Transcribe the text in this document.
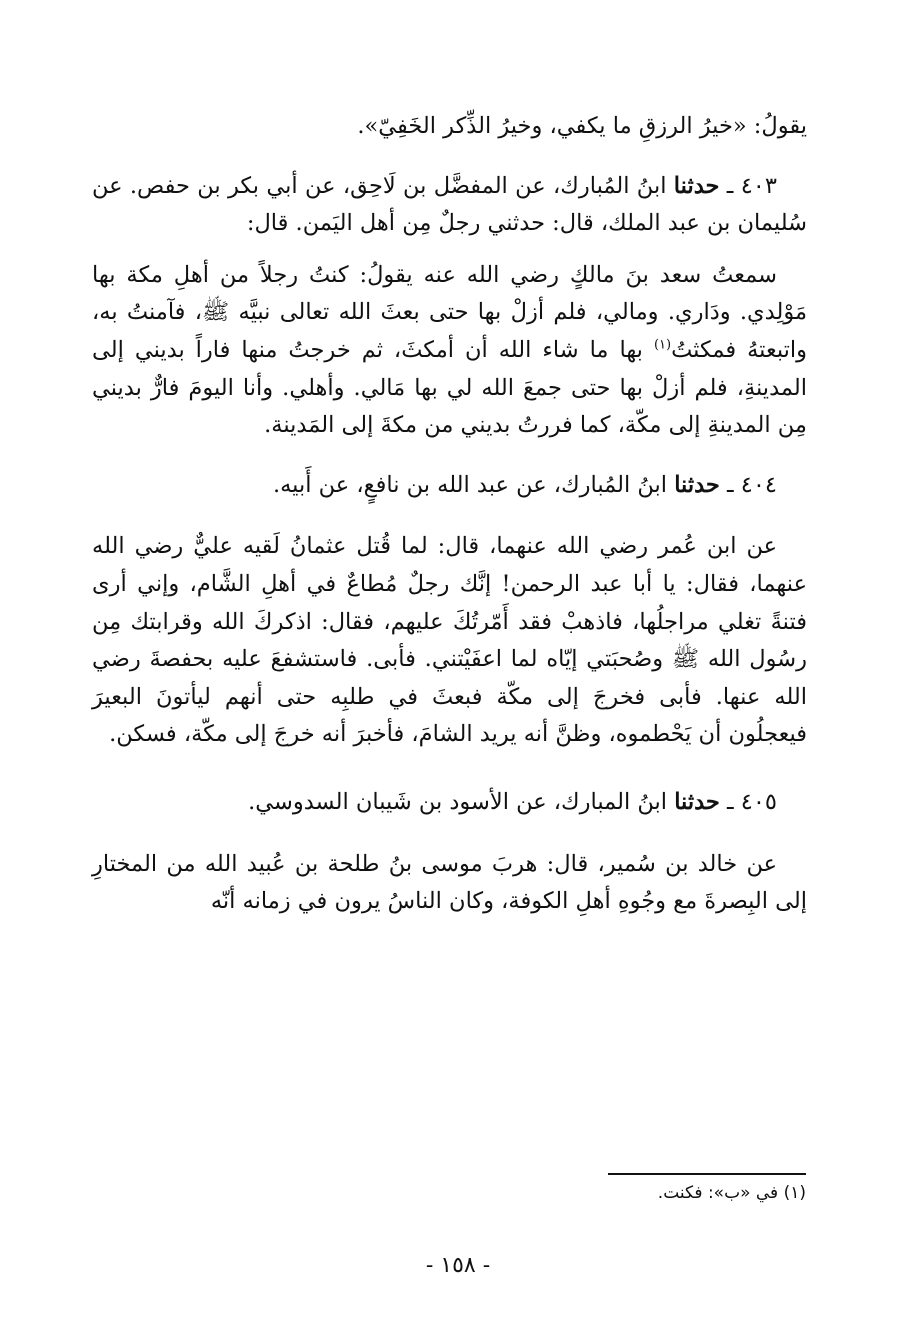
يقولُ: «خيرُ الرزقِ ما يكفي، وخيرُ الذِّكر الخَفِيّ».

٤٠٣ ـ حدثنا ابنُ المُبارك، عن المفضَّل بن لَاحِق، عن أبي بكر بن حفص. عن سُليمان بن عبد الملك، قال: حدثني رجلٌ مِن أهل اليَمن. قال:

سمعتُ سعد بنَ مالكٍ رضي الله عنه يقولُ: كنتُ رجلاً من أهلِ مكة بها مَوْلِدي. ودَاري. ومالي، فلم أزلْ بها حتى بعثَ الله تعالى نبيَّه ﷺ، فآمنتُ به، واتبعتهُ فمكثتُ$^{(١)}$ بها ما شاء الله أن أمكثَ، ثم خرجتُ منها فاراً بديني إلى المدينةِ، فلم أزلْ بها حتى جمعَ الله لي بها مَالي. وأهلي. وأنا اليومَ فارٌّ بديني مِن المدينةِ إلى مكّة، كما فررتُ بديني من مكةَ إلى المَدينة.

٤٠٤ ـ حدثنا ابنُ المُبارك، عن عبد الله بن نافعٍ، عن أَبيه.

عن ابن عُمر رضي الله عنهما، قال: لما قُتل عثمانُ لَقيه عليٌّ رضي الله عنهما، فقال: يا أبا عبد الرحمن! إنَّك رجلٌ مُطاعٌ في أهلِ الشَّام، وإني أرى فتنةً تغلي مراجلُها، فاذهبْ فقد أَمّرتُكَ عليهم، فقال: اذكركَ الله وقرابتك مِن رسُول الله ﷺ وصُحبَتي إيّاه لما اعفَيْتني. فأبى. فاستشفعَ عليه بحفصةَ رضي الله عنها. فأبى فخرجَ إلى مكّة فبعثَ في طلبِه حتى أنهم ليأتونَ البعيرَ فيعجلُون أن يَحْطموه، وظنَّ أنه يريد الشامَ، فأخبرَ أنه خرجَ إلى مكّة، فسكن.

٤٠٥ ـ حدثنا ابنُ المبارك، عن الأسود بن شَيبان السدوسي.

عن خالد بن سُمير، قال: هربَ موسى بنُ طلحة بن عُبيد الله من المختارِ إلى البِصرةَ مع وجُوهِ أهلِ الكوفة، وكان الناسُ يرون في زمانه أنّه

(١) في «ب»: فكنت.
- ١٥٨ -
